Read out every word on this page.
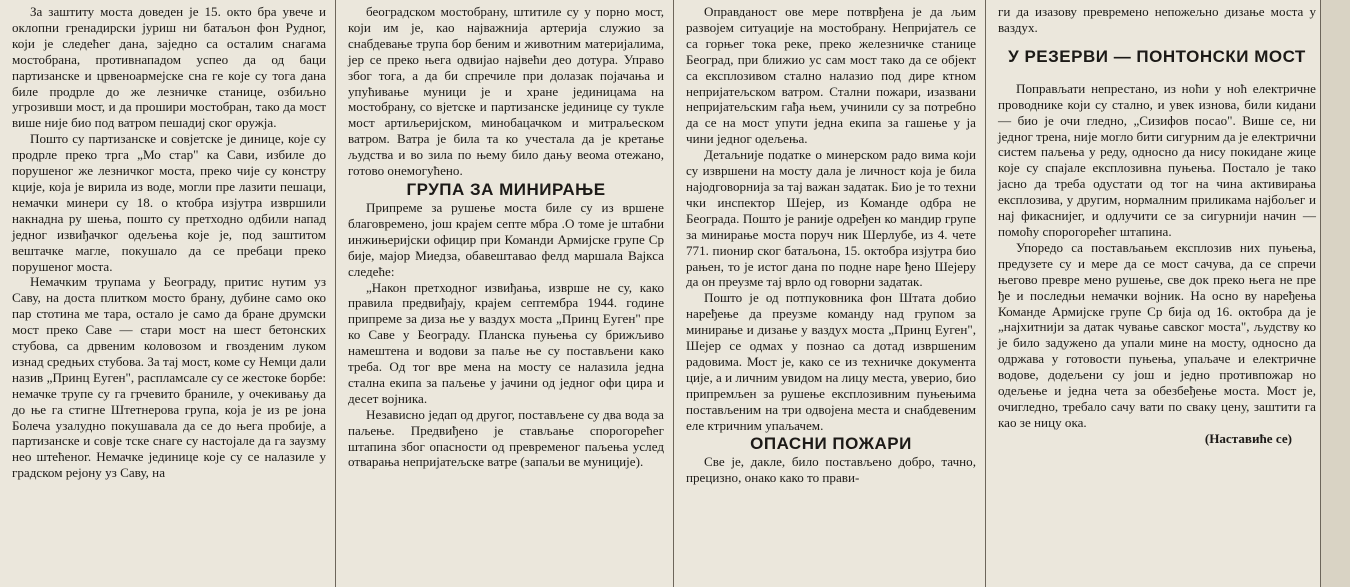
За заштиту моста доведен је 15. окто бра увече и оклопни гренадирски јуриш ни батаљон фон Рудног, који је следећег дана, заједно са осталим снагама мостобрана, противнападом успео да од баци партизанске и црвеноармејске сна ге које су тога дана биле продрле до же лезничке станице, озбиљно угрозивши мост, и да прошири мостобран, тако да мост више није био под ватром пешадиј ског оружја.

Пошто су партизанске и совјетске је динице, које су продрле преко трга „Мо стар" ка Сави, избиле до порушеног же лезничког моста, преко чије су констру кције, која је вирила из воде, могли пре лазити пешаци, немачки минери су 18. о ктобра изјутра извршили накнадна ру шења, пошто су претходно одбили напад једног извиђачког одељења које је, под заштитом вештачке магле, покушало да се пребаци преко порушеног моста.

Немачким трупама у Београду, притис нутим уз Саву, на доста плитком мосто брану, дубине само око пар стотина ме тара, остало је само да бране друмски мост преко Саве — стари мост на шест бетонских стубова, са дрвеним коловозом и гвозденим луком изнад средњих стубова. За тај мост, коме су Немци дали назив „Принц Еуген", распламсале су се жестоке борбе: немачке трупе су га грчевито браниле, у очекивању да до ње га стигне Штетнерова група, која је из ре јона Болеча узалудно покушавала да се до њега пробије, а партизанске и совје тске снаге су настојале да га заузму нео штећеног. Немачке јединице које су се налазиле у градском рејону уз Саву, на

београдском мостобрану, штитиле су у порно мост, који им је, као најважнија артерија служио за снабдевање трупа бор беним и животним материјалима, јер се преко њега одвијао највећи део дотура. Управо због тога, а да би спречиле при долазак појачања и упућивање муници је и хране јединицама на мостобрану, со вјетске и партизанске јединице су тукле мост артиљеријском, минобацачком и митраљеском ватром. Ватра је била та ко учестала да је кретање људства и во зила по њему било дању веома отежано, готово онемогућено.

ГРУПА ЗА МИНИРАЊЕ

Припреме за рушење моста биле су из вршене благовремено, још крајем септе мбра .О томе је штабни инжињеријски официр при Команди Армијске групе Ср бије, мајор Миедза, обавештавао фелд маршала Вајкса следеће:

„Након претходног извиђања, изврше не су, како правила предвиђају, крајем септембра 1944. године припреме за диза ње у ваздух моста „Принц Еуген" пре ко Саве у Београду. Планска пуњења су брижљиво намештена и водови за паље ње су постављени како треба. Од тог вре мена на мосту се налазила једна стална екипа за паљење у јачини од једног офи цира и десет војника.

Независно једап од другог, постављене су два вода за паљење. Предвиђено је стављање спорогорећег штапина због опасности од превременог паљења услед отварања непријатељске ватре (запаљи ве муниције).

Оправданост ове мере потврђена је да љим развојем ситуације на мостобрану. Непријатељ се са горњег тока реке, преко железничке станице Београд, при ближио ус сам мост тако да се објект са експлозивом стално налазио под дире ктном непријатељском ватром. Стални пожари, изазвани непријатељским гађа њем, учинили су за потребно да се на мост упути једна екипа за гашење у ја чини једног одељења.

Детаљније податке о минерском радо вима који су извршени на мосту дала је личност која је била најодговорнија за тај важан задатак. Био је то техни чки инспектор Шејер, из Команде одбра не Београда. Пошто је раније одређен ко мандир групе за минирање моста поруч ник Шерлубе, из 4. чете 771. пионир ског батаљона, 15. октобра изјутра био рањен, то је истог дана по подне наре ђено Шејеру да он преузме тај врло од говорни задатак.

Пошто је од потпуковника фон Штата добио наређење да преузме команду над групом за минирање и дизање у ваздух моста „Принц Еуген", Шејер се одмах у познао са дотад извршеним радовима. Мост је, како се из техничке документа ције, а и личним увидом на лицу места, уверио, био припремљен за рушење експлозивним пуњењима постављеним на три одвојена места и снабдевеним еле ктричним упаљачем.

ОПАСНИ ПОЖАРИ

Све је, дакле, било постављено добро, тачно, прецизно, онако како то прави-

ги да изазову превремено непожељно дизање моста у ваздух.

У РЕЗЕРВИ — ПОНТОНСКИ МОСТ

Поправљати непрестано, из ноћи у ноћ електричне проводнике који су стално, и увек изнова, били кидани — био је очи гледно, „Сизифов посао". Више се, ни једног трена, није могло бити сигурним да је електрични систем паљења у реду, односно да нису покидане жице које су спајале експлозивна пуњења. Постало је тако јасно да треба одустати од тог на чина активирања експлозива, у другим, нормалним приликама најбољег и нај фикаснијег, и одлучити се за сигурнији начин — помоћу спорогорећег штапина.

Упоредо са постављањем експлозив них пуњења, предузете су и мере да се мост сачува, да се спречи његово превре мено рушење, све док преко њега не пре ђе и последњи немачки војник. На осно ву наређења Команде Армијске групе Ср бија од 16. октобра да је „најхитнији за датак чување савског моста", људству ко је било задужено да упали мине на мосту, односно да одржава у готовости пуњења, упаљаче и електричне водове, додељени су још и једно противпожар но одељење и једна чета за обезбеђење моста. Мост је, очигледно, требало сачу вати по сваку цену, заштити га као зе ницу ока.

(Наставиће се)
